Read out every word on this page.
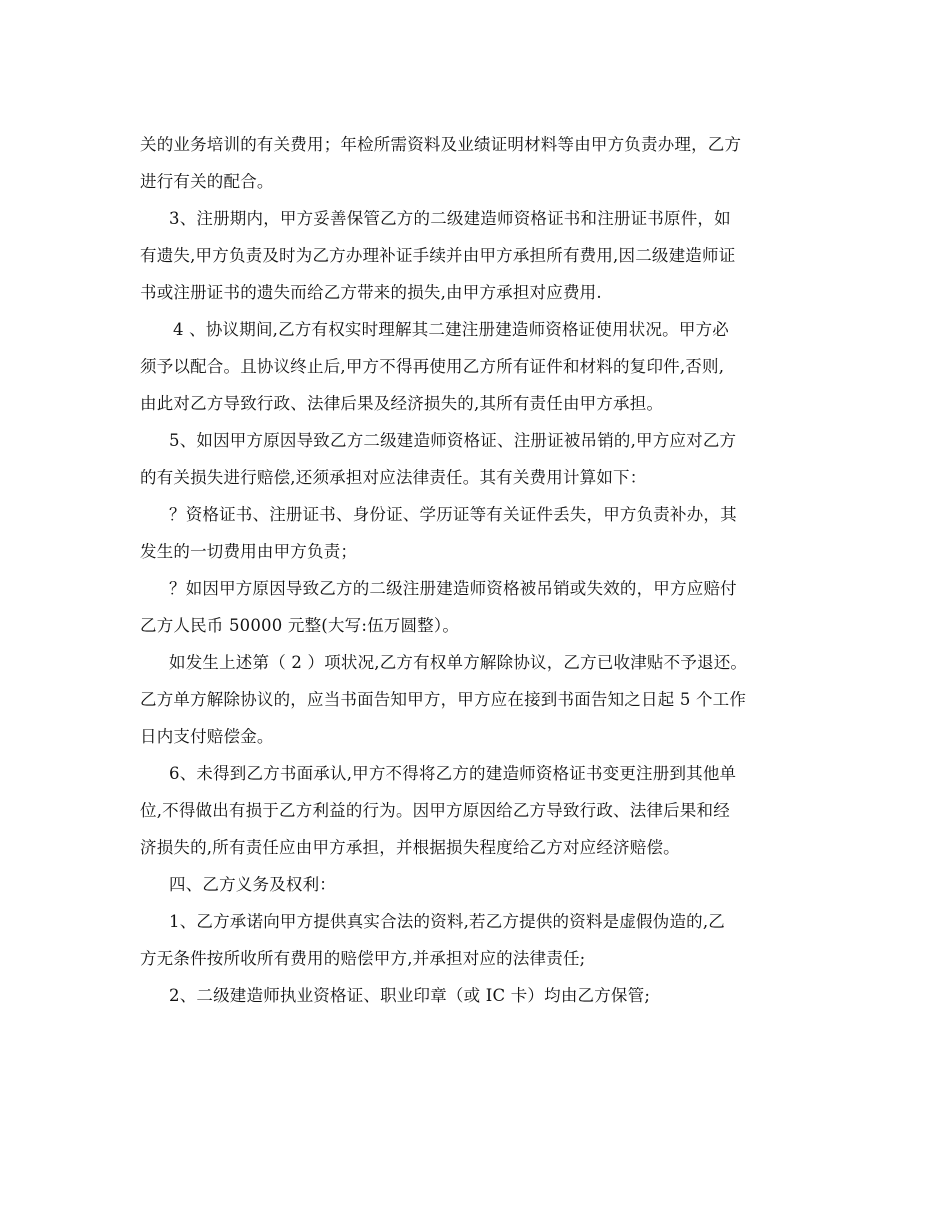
关的业务培训的有关费用；年检所需资料及业绩证明材料等由甲方负责办理，乙方
进行有关的配合。
3、注册期内，甲方妥善保管乙方的二级建造师资格证书和注册证书原件，如
有遗失,甲方负责及时为乙方办理补证手续并由甲方承担所有费用,因二级建造师证
书或注册证书的遗失而给乙方带来的损失,由甲方承担对应费用.
4 、协议期间,乙方有权实时理解其二建注册建造师资格证使用状况。甲方必
须予以配合。且协议终止后,甲方不得再使用乙方所有证件和材料的复印件,否则,
由此对乙方导致行政、法律后果及经济损失的,其所有责任由甲方承担。
5、如因甲方原因导致乙方二级建造师资格证、注册证被吊销的,甲方应对乙方
的有关损失进行赔偿,还须承担对应法律责任。其有关费用计算如下：
？资格证书、注册证书、身份证、学历证等有关证件丢失，甲方负责补办，其
发生的一切费用由甲方负责；
？如因甲方原因导致乙方的二级注册建造师资格被吊销或失效的，甲方应赔付
乙方人民币 50000 元整(大写:伍万圆整）。
如发生上述第（ 2 ）项状况,乙方有权单方解除协议，乙方已收津贴不予退还。
乙方单方解除协议的，应当书面告知甲方，甲方应在接到书面告知之日起 5 个工作
日内支付赔偿金。
6、未得到乙方书面承认,甲方不得将乙方的建造师资格证书变更注册到其他单
位,不得做出有损于乙方利益的行为。因甲方原因给乙方导致行政、法律后果和经
济损失的,所有责任应由甲方承担，并根据损失程度给乙方对应经济赔偿。
四、乙方义务及权利：
1、乙方承诺向甲方提供真实合法的资料,若乙方提供的资料是虚假伪造的,乙
方无条件按所收所有费用的赔偿甲方,并承担对应的法律责任;
2、二级建造师执业资格证、职业印章（或 IC 卡）均由乙方保管;
